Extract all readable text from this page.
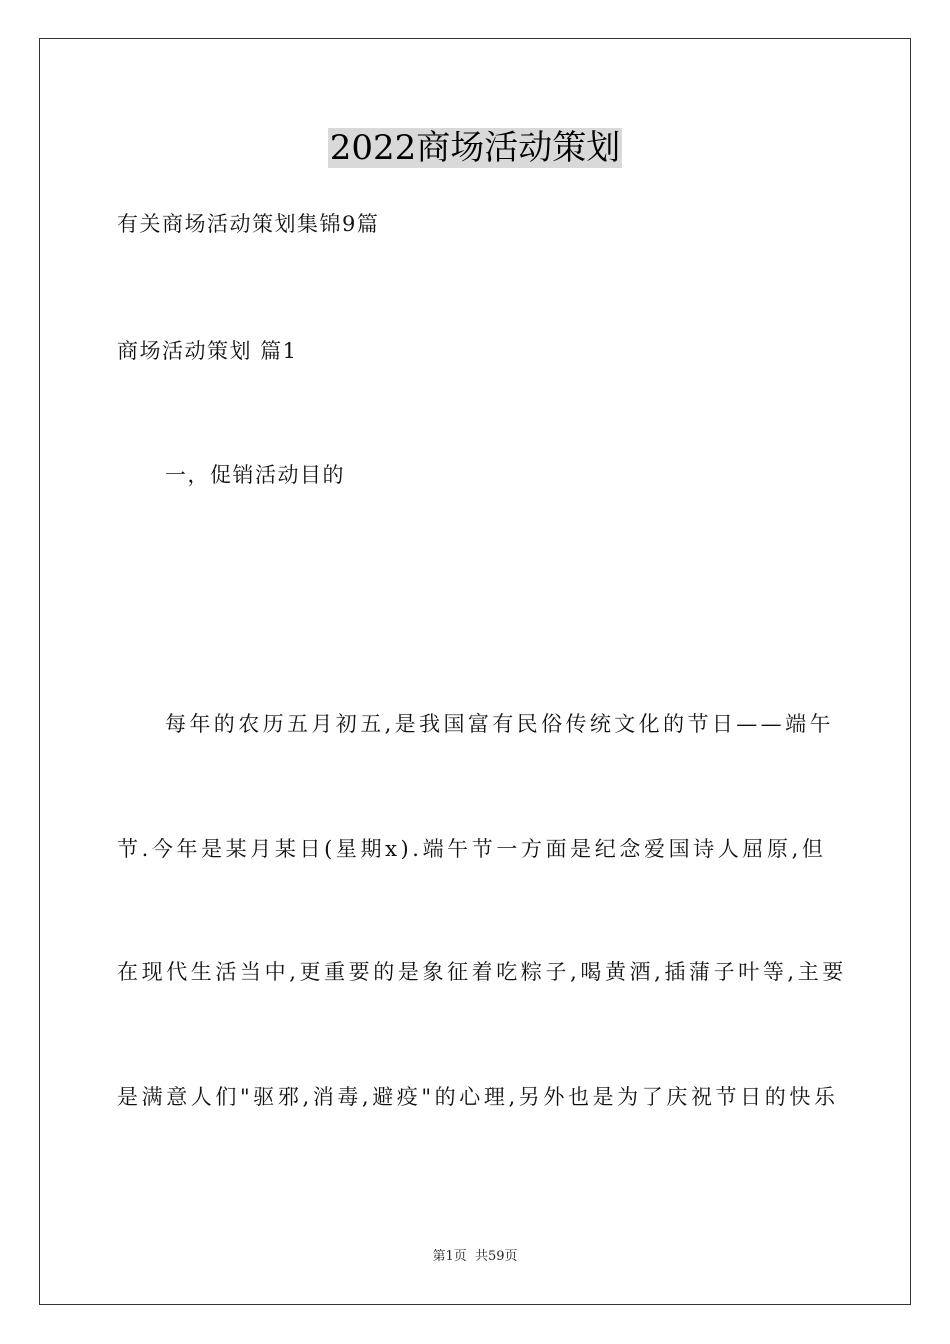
2022商场活动策划
有关商场活动策划集锦9篇
商场活动策划 篇1
一，促销活动目的
每年的农历五月初五,是我国富有民俗传统文化的节日——端午
节.今年是某月某日(星期x).端午节一方面是纪念爱国诗人屈原,但
在现代生活当中,更重要的是象征着吃粽子,喝黄酒,插蒲子叶等,主要
是满意人们"驱邪,消毒,避疫"的心理,另外也是为了庆祝节日的快乐
第1页 共59页
